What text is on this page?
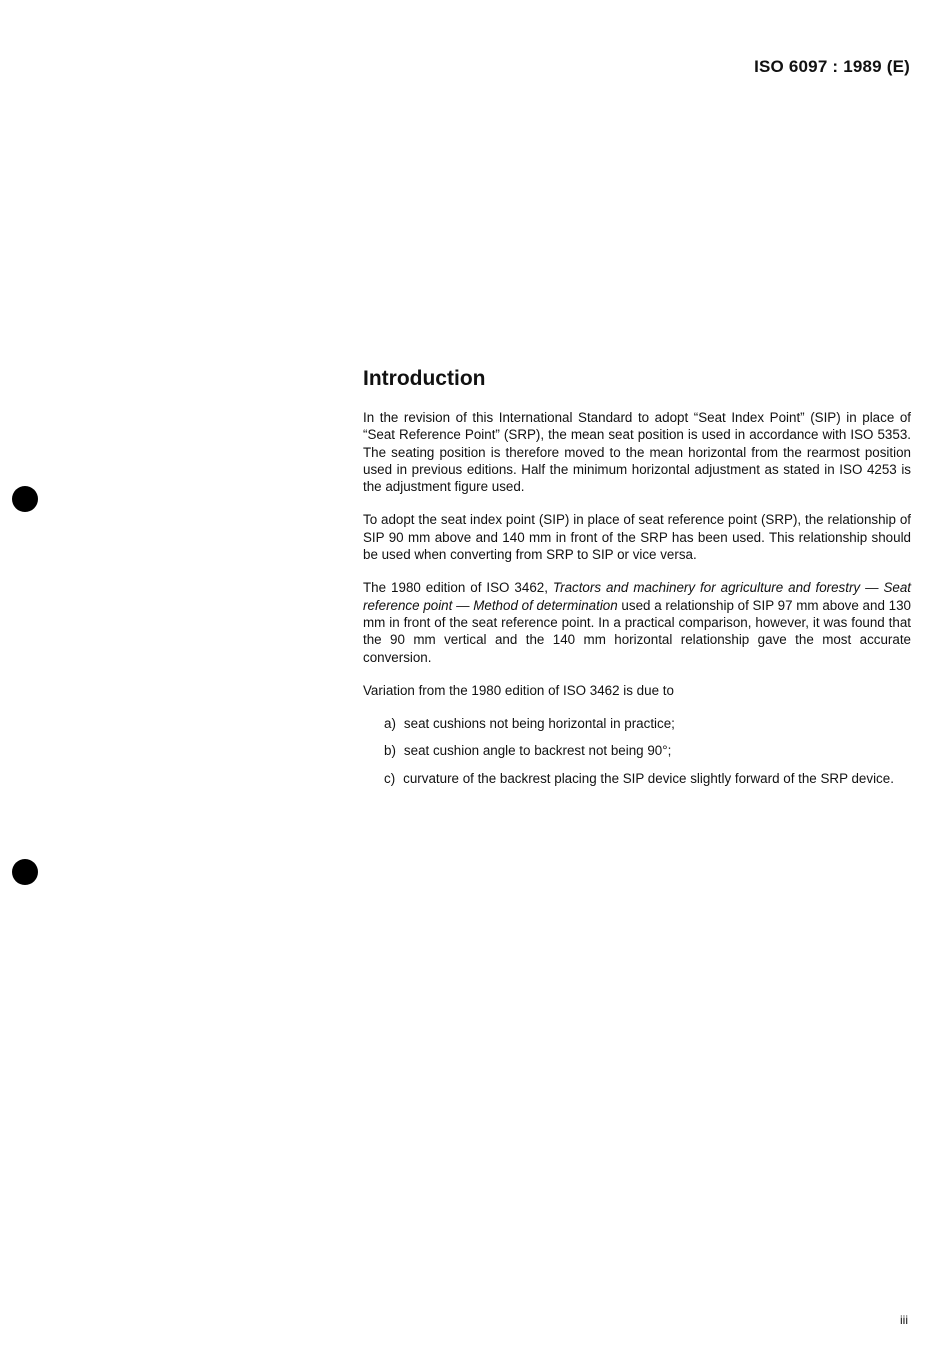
ISO 6097 : 1989 (E)
Introduction

In the revision of this International Standard to adopt “Seat Index Point” (SIP) in place of “Seat Reference Point” (SRP), the mean seat position is used in accordance with ISO 5353. The seating position is therefore moved to the mean horizontal from the rearmost position used in previous editions. Half the minimum horizontal adjustment as stated in ISO 4253 is the adjustment figure used.

To adopt the seat index point (SIP) in place of seat reference point (SRP), the relationship of SIP 90 mm above and 140 mm in front of the SRP has been used. This relationship should be used when converting from SRP to SIP or vice versa.

The 1980 edition of ISO 3462, Tractors and machinery for agriculture and forestry — Seat reference point — Method of determination used a relationship of SIP 97 mm above and 130 mm in front of the seat reference point. In a practical comparison, however, it was found that the 90 mm vertical and the 140 mm horizontal relationship gave the most accurate conversion.

Variation from the 1980 edition of ISO 3462 is due to

a) seat cushions not being horizontal in practice;
b) seat cushion angle to backrest not being 90°;
c) curvature of the backrest placing the SIP device slightly forward of the SRP device.
iii
